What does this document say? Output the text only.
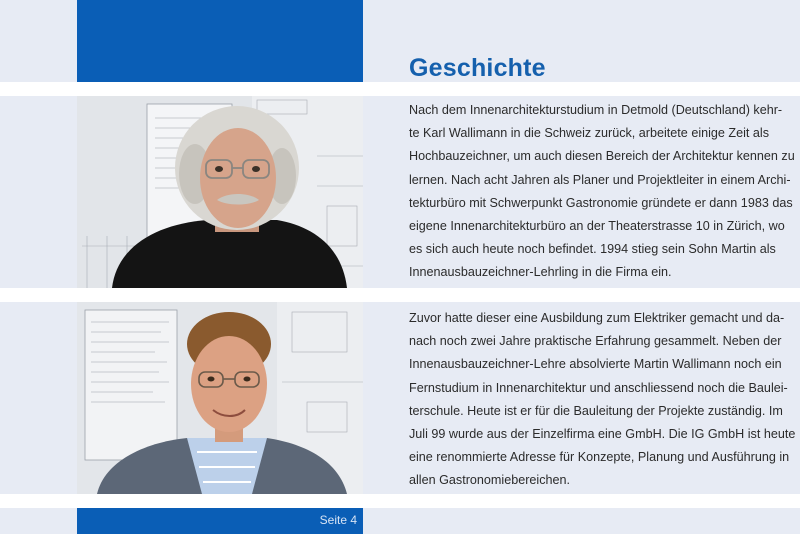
Geschichte
Nach dem Innenarchitekturstudium in Detmold (Deutschland) kehr-
te Karl Wallimann in die Schweiz zurück, arbeitete einige Zeit als
Hochbauzeichner, um auch diesen Bereich der Architektur kennen zu
lernen. Nach acht Jahren als Planer und Projektleiter in einem Archi-
tekturbüro mit Schwerpunkt Gastronomie gründete er dann 1983 das
eigene Innenarchitekturbüro an der Theaterstrasse 10 in Zürich, wo
es sich auch heute noch befindet. 1994 stieg sein Sohn Martin als
Innenausbauzeichner-Lehrling in die Firma ein.
Zuvor hatte dieser eine Ausbildung zum Elektriker gemacht und da-
nach noch zwei Jahre praktische Erfahrung gesammelt. Neben der
Innenausbauzeichner-Lehre absolvierte Martin Wallimann noch ein
Fernstudium in Innenarchitektur und anschliessend noch die Baulei-
terschule. Heute ist er für die Bauleitung der Projekte zuständig. Im
Juli 99 wurde aus der Einzelfirma eine GmbH. Die IG GmbH ist heute
eine renommierte Adresse für Konzepte, Planung und Ausführung in
allen Gastronomiebereichen.
Seite 4
